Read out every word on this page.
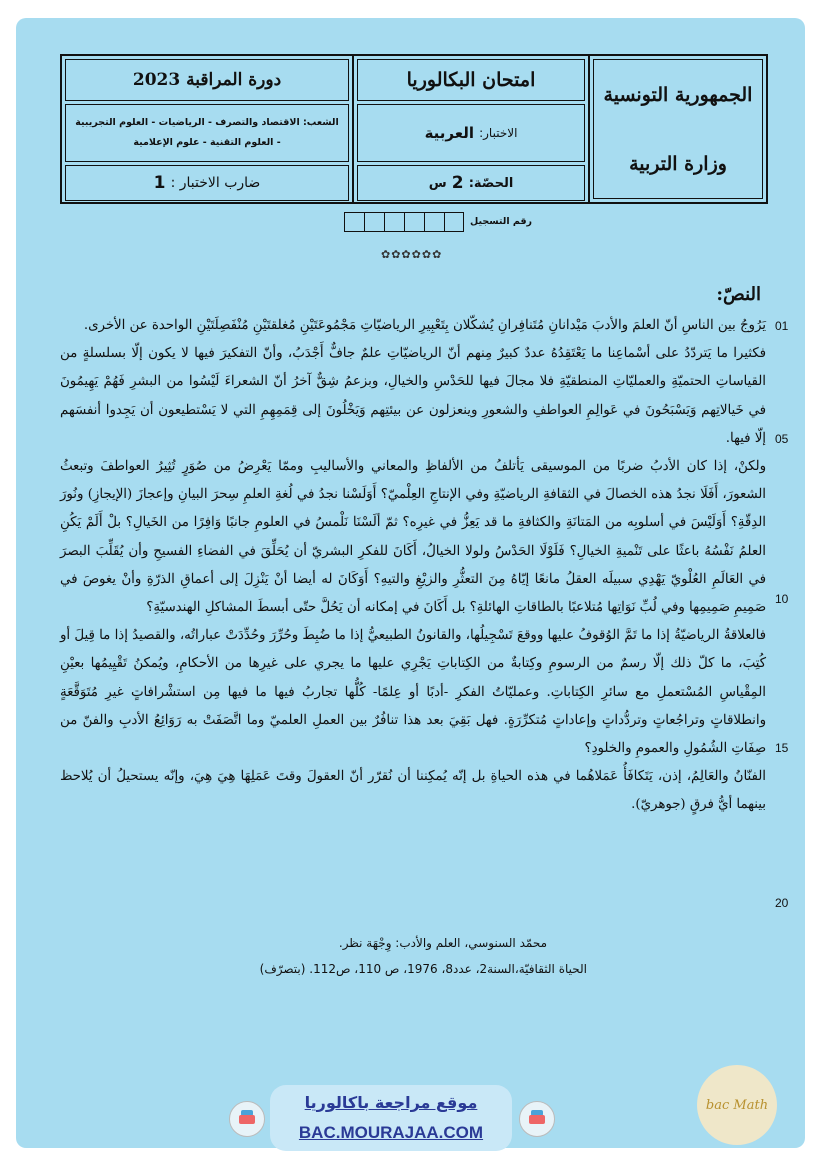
الجمهورية التونسية
وزارة التربية
امتحان البكالوريا
الاختبار:

العربية
الحصّة:

2

س
دورة المراقبة 2023
الشعب: الاقتصاد والتصرف - الرياضيات - العلوم التجريبية
- العلوم التقنية - علوم الإعلامية
ضارب الاختبار :

1
رقم التسجيل
✿✿✿✿✿✿
النصّ:
01
05
10
15
20

يَرُوجُ بين الناسِ أنّ العلمَ والأدبَ مَيْدانانِ مُتَنافِرانِ يُشكّلان بِتَعْبِيرِ الرياضيّاتِ مَجْمُوعَتَيْنِ مُغلقتَيْنِ مُنْفَصِلَتَيْنِ الواحدة عن الأخرى.

فكثيرا ما يَتردّدُ على أسْماعِنا ما يَعْتَقِدُهُ عددٌ كبيرٌ مِنهم أنّ الرياضيّاتِ علمٌ جافٌّ أَجْدَبُ، وأنّ التفكيرَ فيها لا يكون إلّا بسلسلةٍ من القياساتِ الحتميّةِ والعمليّاتِ المنطقيّةِ فلا مجالَ فيها للحَدْسِ والخيالِ، وبزعمُ شِقٌّ آخرُ أنّ الشعراءَ لَيْسُوا من البشرِ فَهُمْ يَهِيمُونَ في خَيالاتِهم وَيَسْبَحُونَ في عَوالِمِ العواطفِ والشعورِ وينعزلون عن بيئتِهم وَيَخْلُونَ إلى قِمَمِهِمِ التي لا يَسْتطيعون أن يَجِدوا أنفسَهم إلّا فيها.

ولكنْ، إذا كان الأدبُ ضربًا من الموسيقى يَأتلفُ من الألفاظِ والمعاني والأساليبِ وممّا يَعْرِضُ من صُوَرٍ تُثِيرُ العواطفَ وتبعثُ الشعورَ، أَفَلَا نجدُ هذه الخصالَ في الثقافةِ الرياضيّةِ وفي الإنتاجِ العِلْميّ؟ أَوَلَسْنا نجدُ في لُغةِ العلمِ سِحرَ البيانِ وإعجازَ (الإيجازِ) ونُورَ الدِقّةِ؟ أَوَلَيْسَ في أسلوبِه من المَتانَةِ والكثافةِ ما قد يَعِزُّ في غيرِه؟ ثمّ ألَسْنَا نَلْمسُ في العلومِ جانبًا وَافِرًا من الخَيالِ؟ بلْ أَلَمْ يَكُنِ العلمُ نَفْسُهُ باعثًا على تَنْميةِ الخيالِ؟ فَلَوْلَا الحَدْسُ ولولا الخيالُ، أَكَانَ للفكرِ البشريّ أن يُحَلِّقَ في الفضاءِ الفسيحِ وأن يُقَلِّبَ البصرَ في العَالَمِ العُلْويّ يَهْدِي سبيلَه العقلُ مانعًا إيّاهُ مِنَ التعثُّرِ والزيْغِ والتيهِ؟ أَوَكَانَ له أيضا أنْ يَنْزِلَ إلى أعماقِ الذرّةِ وأنْ يغوصَ في صَمِيمِ صَمِيمِها وفي لُبِّ نَوَاتِها مُتلاعبًا بالطاقاتِ الهائلةِ؟ بل أَكَانَ في إمكانه أن يَحُلَّ حتّى أبسطَ المشاكلِ الهندسيّةِ؟

فالعلاقةُ الرياضيّةُ إذا ما تَمَّ الوُقوفُ عليها ووقعَ تَسْجِيلُها، والقانونُ الطبيعيُّ إذا ما ضُبِطَ وحُرِّرَ وحُدِّدَتْ عباراتُه، والقصيدُ إذا ما قِيلَ أو كُتِبَ، ما كلّ ذلك إلّا رسمٌ من الرسومِ وكِتابةٌ من الكِتاباتِ يَجْرِي عليها ما يجري على غيرِها من الأحكامِ، ويُمكنُ تَقْيِيمُها بعيْنِ المِقْياسِ المُسْتعملِ مع سائرِ الكِتاباتِ. وعمليّاتُ الفكرِ -أدبًا أو عِلمًا- كُلُّها تجاربُ فيها ما فيها مِن استشْرافاتٍ غيرِ مُتَوَقَّعَةٍ وانطلاقاتٍ وتراجُعاتٍ وتردُّداتٍ وإعاداتٍ مُتكرِّرَةٍ. فهل بَقِيَ بعد هذا تنافُرٌ بين العملِ العلميّ وما اتَّصَفَتْ به رَوَائِعُ الأدبِ والفنّ من صِفَاتِ الشُمُولِ والعمومِ والخلودِ؟

الفنّانُ والعَالِمُ، إذن، يَتَكافَأُ عَمَلاهُما في هذه الحياةِ بل إنّه يُمكِننا أن نُقرّر أنّ العقولَ وقتَ عَمَلِهَا هِيَ هِيَ، وإنّه يستحيلُ أن يُلاحظ بينهما أيُّ فرقٍ (جوهريّ).

محمّد السنوسي، العلم والأدب: وِجْهَة نظر.
الحياة الثقافيّة،السنة2، عدد8، 1976، ص 110، ص112. (بتصرّف)
موقع مراجعة باكالوريا
BAC.MOURAJAA.COM
bac Math
